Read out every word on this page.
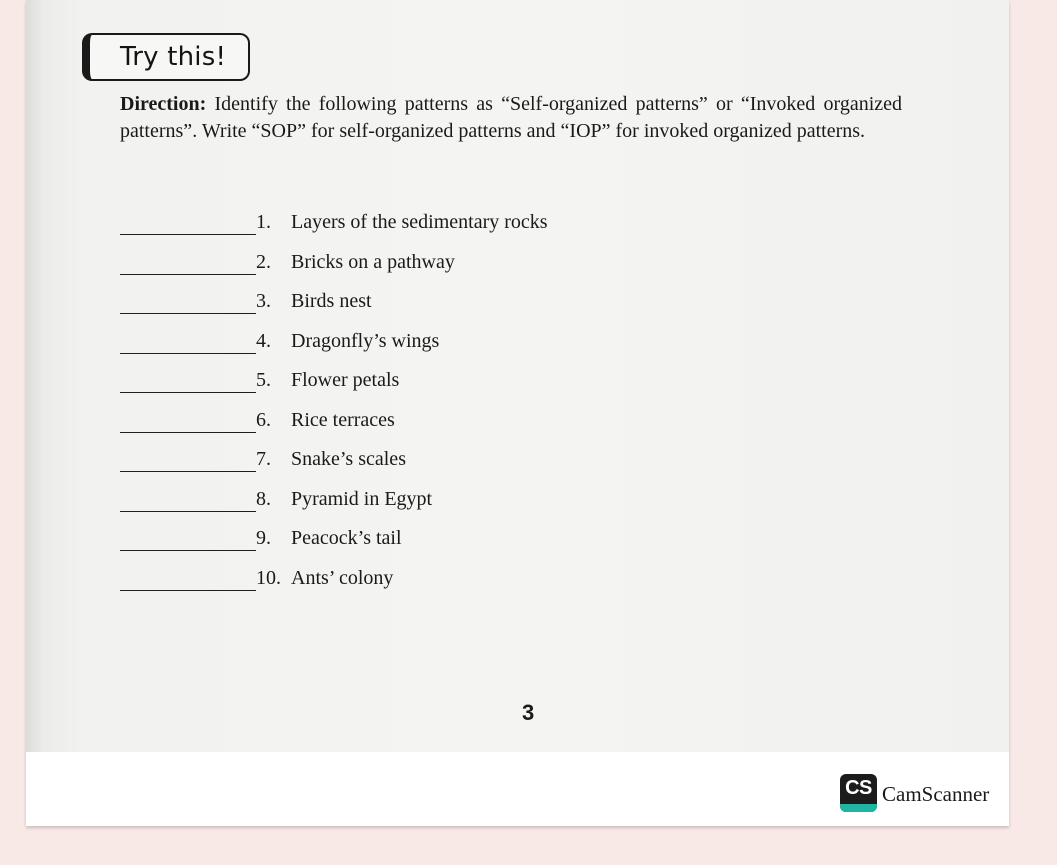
Try this!

Direction: Identify the following patterns as “Self-organized patterns” or “Invoked organized patterns”. Write “SOP” for self-organized patterns and “IOP” for invoked organized patterns.

1. Layers of the sedimentary rocks
2. Bricks on a pathway
3. Birds nest
4. Dragonfly’s wings
5. Flower petals
6. Rice terraces
7. Snake’s scales
8. Pyramid in Egypt
9. Peacock’s tail
10. Ants’ colony
3
CS CamScanner
